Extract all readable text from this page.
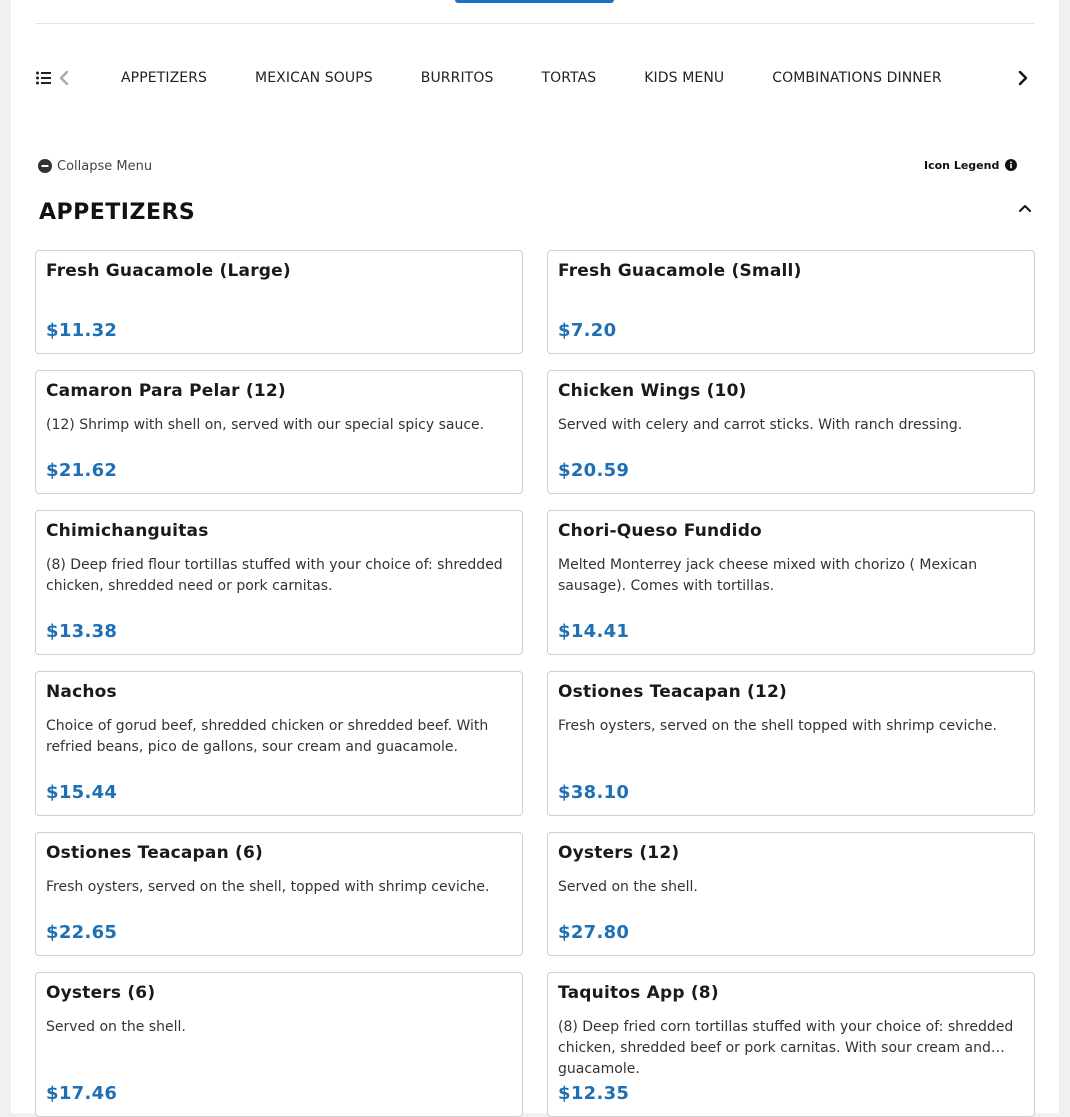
APPETIZERS	MEXICAN SOUPS	BURRITOS	TORTAS	KIDS MENU	COMBINATIONS DINNER
Collapse Menu	Icon Legend
APPETIZERS
Fresh Guacamole (Large)
$11.32
Fresh Guacamole (Small)
$7.20
Camaron Para Pelar (12)
(12) Shrimp with shell on, served with our special spicy sauce.
$21.62
Chicken Wings (10)
Served with celery and carrot sticks. With ranch dressing.
$20.59
Chimichanguitas
(8) Deep fried flour tortillas stuffed with your choice of: shredded chicken, shredded need or pork carnitas.
$13.38
Chori-Queso Fundido
Melted Monterrey jack cheese mixed with chorizo ( Mexican sausage). Comes with tortillas.
$14.41
Nachos
Choice of gorud beef, shredded chicken or shredded beef. With refried beans, pico de gallons, sour cream and guacamole.
$15.44
Ostiones Teacapan (12)
Fresh oysters, served on the shell topped with shrimp ceviche.
$38.10
Ostiones Teacapan (6)
Fresh oysters, served on the shell, topped with shrimp ceviche.
$22.65
Oysters (12)
Served on the shell.
$27.80
Oysters (6)
Served on the shell.
$17.46
Taquitos App (8)
(8) Deep fried corn tortillas stuffed with your choice of: shredded chicken, shredded beef or pork carnitas. With sour cream and guacamole.
$12.35
